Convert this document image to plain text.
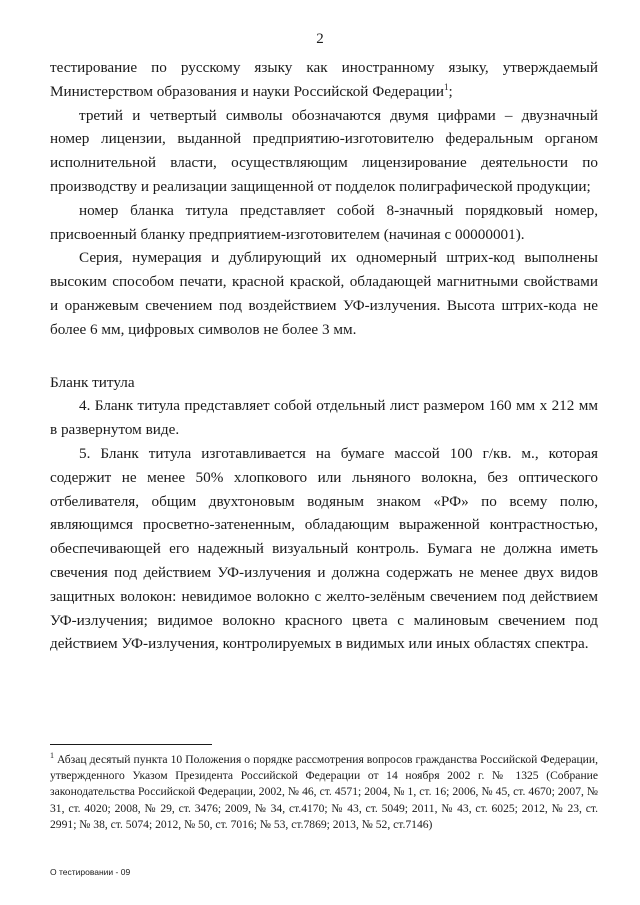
2

тестирование по русскому языку как иностранному языку, утверждаемый Министерством образования и науки Российской Федерации$^1$;

третий и четвертый символы обозначаются двумя цифрами – двузначный номер лицензии, выданной предприятию-изготовителю федеральным органом исполнительной власти, осуществляющим лицензирование деятельности по производству и реализации защищенной от подделок полиграфической продукции;

номер бланка титула представляет собой 8-значный порядковый номер, присвоенный бланку предприятием-изготовителем (начиная с 00000001).

Серия, нумерация и дублирующий их одномерный штрих-код выполнены высоким способом печати, красной краской, обладающей магнитными свойствами и оранжевым свечением под воздействием УФ-излучения. Высота штрих-кода не более 6 мм, цифровых символов не более 3 мм.

Бланк титула

4. Бланк титула представляет собой отдельный лист размером 160 мм х 212 мм в развернутом виде.

5. Бланк титула изготавливается на бумаге массой 100 г/кв. м., которая содержит не менее 50% хлопкового или льняного волокна, без оптического отбеливателя, общим двухтоновым водяным знаком «РФ» по всему полю, являющимся просветно-затененным, обладающим выраженной контрастностью, обеспечивающей его надежный визуальный контроль. Бумага не должна иметь свечения под действием УФ-излучения и должна содержать не менее двух видов защитных волокон: невидимое волокно с желто-зелёным свечением под действием УФ-излучения; видимое волокно красного цвета с малиновым свечением под действием УФ-излучения, контролируемых в видимых или иных областях спектра.

$^1$ Абзац десятый пункта 10 Положения о порядке рассмотрения вопросов гражданства Российской Федерации, утвержденного Указом Президента Российской Федерации от 14 ноября 2002 г. № 1325 (Собрание законодательства Российской Федерации, 2002, № 46, ст. 4571; 2004, № 1, ст. 16; 2006, № 45, ст. 4670; 2007, № 31, ст. 4020; 2008, № 29, ст. 3476; 2009, № 34, ст.4170; № 43, ст. 5049; 2011, № 43, ст. 6025; 2012, № 23, ст. 2991; № 38, ст. 5074; 2012, № 50, ст. 7016; № 53, ст.7869; 2013, № 52, ст.7146)
О тестировании - 09
